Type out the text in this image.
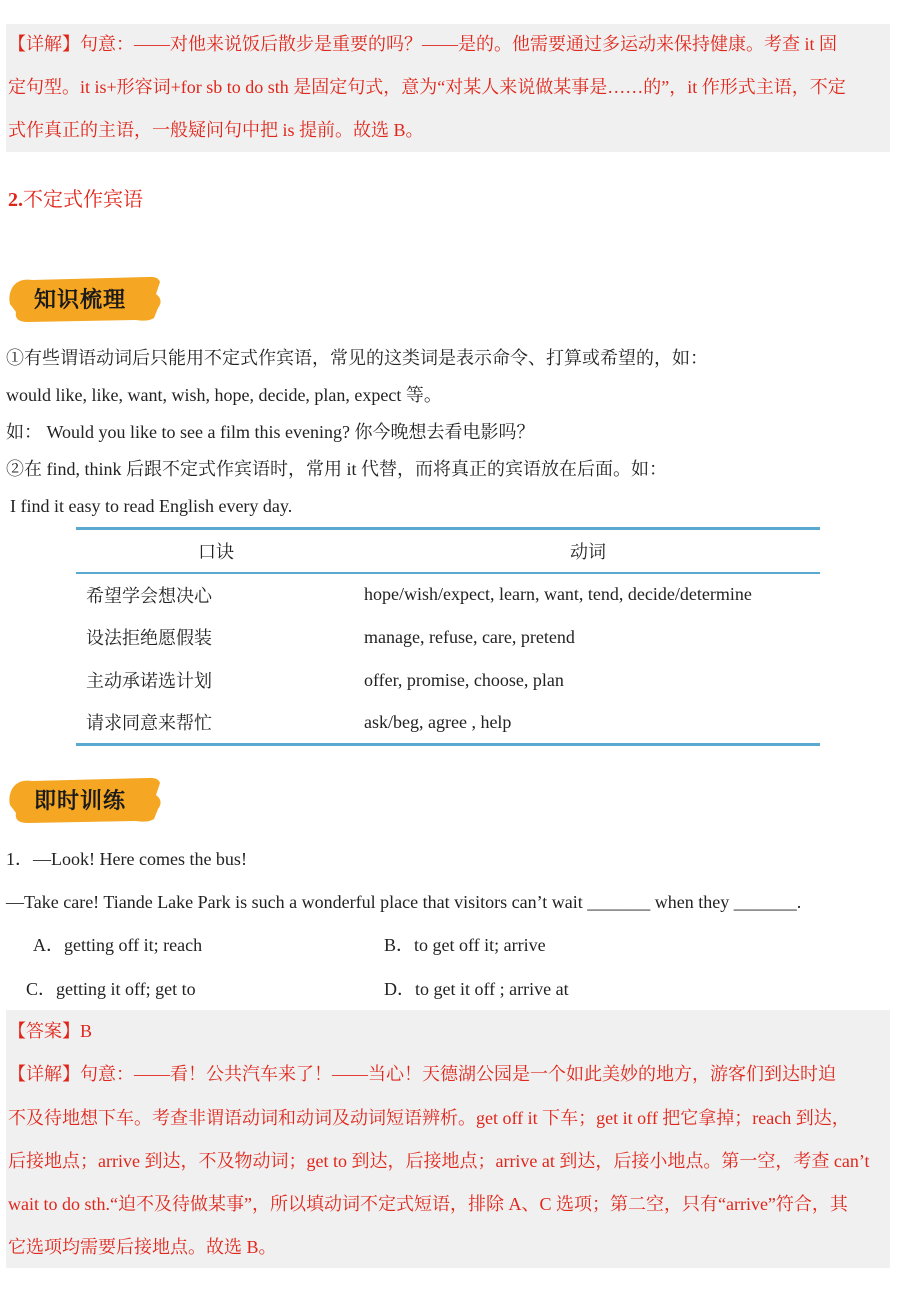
【详解】句意：——对他来说饭后散步是重要的吗？——是的。他需要通过多运动来保持健康。考查 it 固
定句型。it is+形容词+for sb to do sth 是固定句式，意为“对某人来说做某事是……的”，it 作形式主语，不定
式作真正的主语，一般疑问句中把 is 提前。故选 B。
2.不定式作宾语
知识梳理
①有些谓语动词后只能用不定式作宾语，常见的这类词是表示命令、打算或希望的，如：
would like, like, want, wish, hope, decide, plan, expect 等。
如： Would you like to see a film this evening? 你今晚想去看电影吗？
②在 find, think 后跟不定式作宾语时，常用 it 代替，而将真正的宾语放在后面。如：
I find it easy to read English every day.
口诀	动词
希望学会想决心	hope/wish/expect, learn, want, tend, decide/determine
设法拒绝愿假装	manage, refuse, care, pretend
主动承诺选计划	offer, promise, choose, plan
请求同意来帮忙	ask/beg, agree , help
即时训练
1．—Look! Here comes the bus!
—Take care! Tiande Lake Park is such a wonderful place that visitors can’t wait _______ when they _______.
A．getting off it; reach	B．to get off it; arrive
C．getting it off; get to	D．to get it off ; arrive at
【答案】B
【详解】句意：——看！公共汽车来了！——当心！天德湖公园是一个如此美妙的地方，游客们到达时迫
不及待地想下车。考查非谓语动词和动词及动词短语辨析。get off it 下车；get it off 把它拿掉；reach 到达，
后接地点；arrive 到达，不及物动词；get to 到达，后接地点；arrive at 到达，后接小地点。第一空，考查 can’t
wait to do sth.“迫不及待做某事”，所以填动词不定式短语，排除 A、C 选项；第二空，只有“arrive”符合，其
它选项均需要后接地点。故选 B。
